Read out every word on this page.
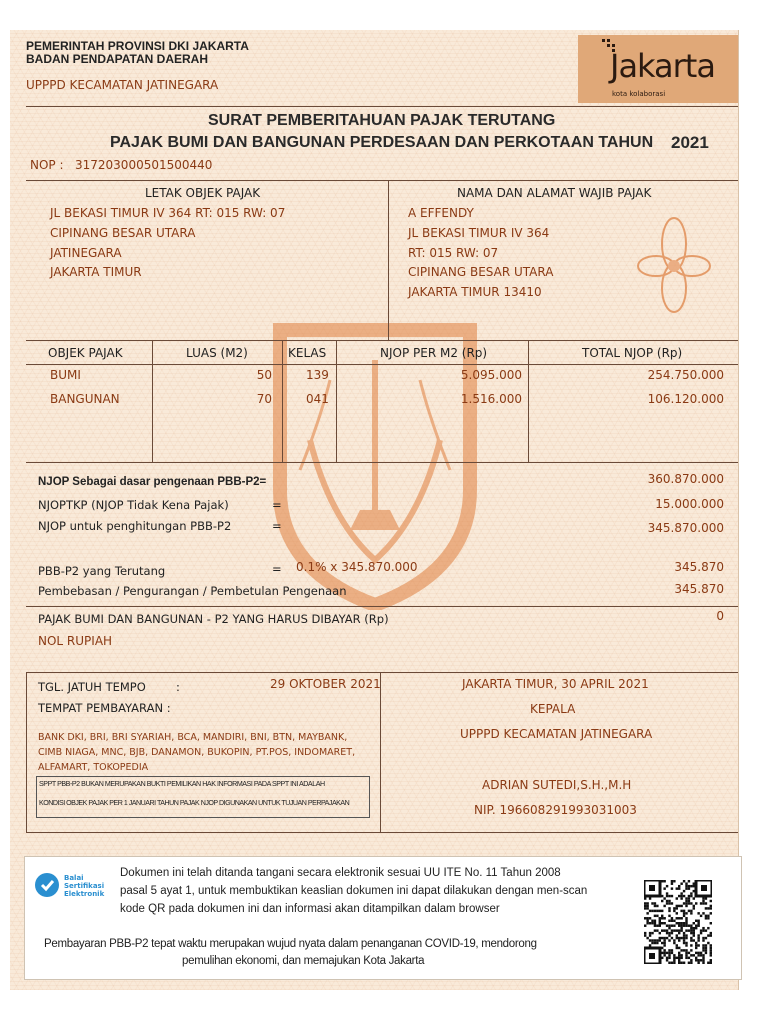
PEMERINTAH PROVINSI DKI JAKARTA
BADAN PENDAPATAN DAERAH
UPPPD KECAMATAN JATINEGARA	Jakarta
kota kolaborasi
SURAT PEMBERITAHUAN PAJAK TERUTANG
PAJAK BUMI DAN BANGUNAN PERDESAAN DAN PERKOTAAN TAHUN 2021
NOP : 317203000501500440
LETAK OBJEK PAJAK
JL BEKASI TIMUR IV 364 RT: 015 RW: 07
CIPINANG BESAR UTARA
JATINEGARA
JAKARTA TIMUR
NAMA DAN ALAMAT WAJIB PAJAK
A EFFENDY
JL BEKASI TIMUR IV 364
RT: 015 RW: 07
CIPINANG BESAR UTARA
JAKARTA TIMUR 13410
OBJEK PAJAK	LUAS (M2)	KELAS	NJOP PER M2 (Rp)	TOTAL NJOP (Rp)
BUMI	50	139	5.095.000	254.750.000
BANGUNAN	70	041	1.516.000	106.120.000
NJOP Sebagai dasar pengenaan PBB-P2=	360.870.000
NJOPTKP (NJOP Tidak Kena Pajak)	=	15.000.000
NJOP untuk penghitungan PBB-P2	=	345.870.000
PBB-P2 yang Terutang	= 0.1% x 345.870.000	345.870
Pembebasan / Pengurangan / Pembetulan Pengenaan	345.870
PAJAK BUMI DAN BANGUNAN - P2 YANG HARUS DIBAYAR (Rp)	0
NOL RUPIAH
TGL. JATUH TEMPO	:	29 OKTOBER 2021
TEMPAT PEMBAYARAN :
BANK DKI, BRI, BRI SYARIAH, BCA, MANDIRI, BNI, BTN, MAYBANK,
CIMB NIAGA, MNC, BJB, DANAMON, BUKOPIN, PT.POS, INDOMARET,
ALFAMART, TOKOPEDIA
SPPT PBB-P2 BUKAN MERUPAKAN BUKTI PEMILIKAN HAK INFORMASI PADA SPPT INI ADALAH
KONDISI OBJEK PAJAK PER 1 JANUARI TAHUN PAJAK NJOP DIGUNAKAN UNTUK TUJUAN PERPAJAKAN
JAKARTA TIMUR, 30 APRIL 2021
KEPALA
UPPPD KECAMATAN JATINEGARA
ADRIAN SUTEDI,S.H.,M.H
NIP. 196608291993031003
Balai
Sertifikasi
Elektronik
Dokumen ini telah ditanda tangani secara elektronik sesuai UU ITE No. 11 Tahun 2008
pasal 5 ayat 1, untuk membuktikan keaslian dokumen ini dapat dilakukan dengan men-scan
kode QR pada dokumen ini dan informasi akan ditampilkan dalam browser
Pembayaran PBB-P2 tepat waktu merupakan wujud nyata dalam penanganan COVID-19, mendorong
pemulihan ekonomi, dan memajukan Kota Jakarta
